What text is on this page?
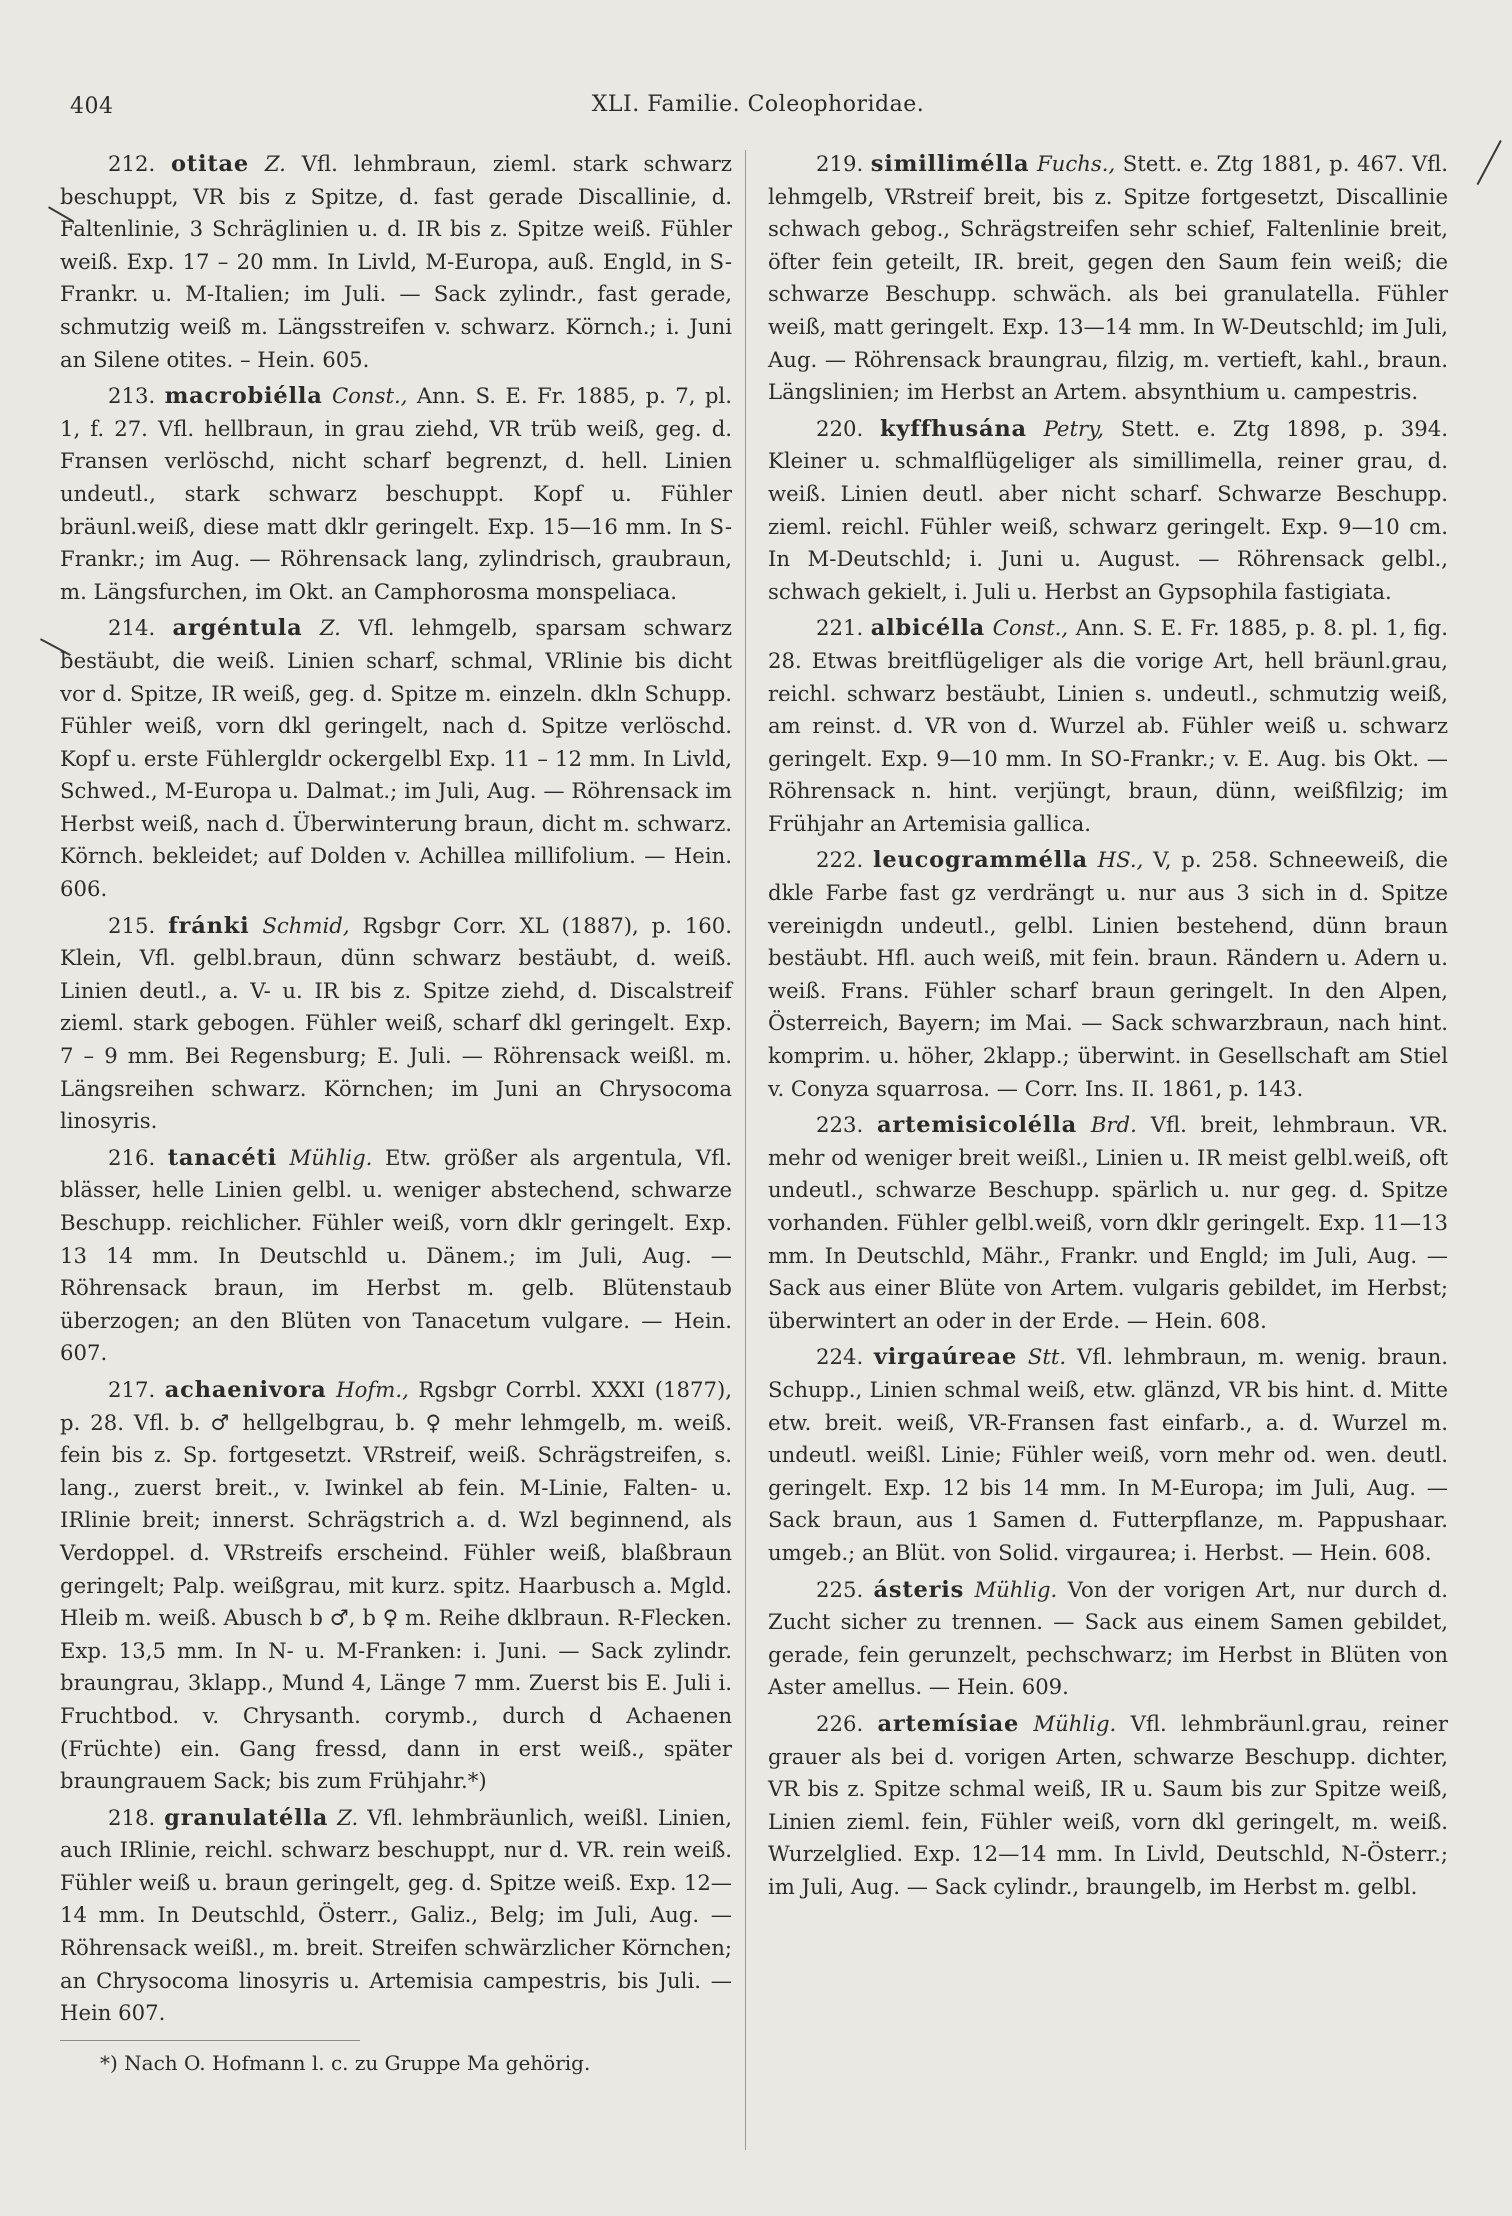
404	XLI. Familie. Coleophoridae.

212. otitae Z. Vfl. lehmbraun, zieml. stark schwarz beschuppt, VR bis z Spitze, d. fast gerade Discallinie, d. Faltenlinie, 3 Schräglinien u. d. IR bis z. Spitze weiß. Fühler weiß. Exp. 17 – 20 mm. In Livld, M-Europa, auß. Engld, in S-Frankr. u. M-Italien; im Juli. — Sack zylindr., fast gerade, schmutzig weiß m. Längsstreifen v. schwarz. Körnch.; i. Juni an Silene otites. – Hein. 605.

213. macrobiélla Const., Ann. S. E. Fr. 1885, p. 7, pl. 1, f. 27. Vfl. hellbraun, in grau ziehd, VR trüb weiß, geg. d. Fransen verlöschd, nicht scharf begrenzt, d. hell. Linien undeutl., stark schwarz beschuppt. Kopf u. Fühler bräunl.weiß, diese matt dklr geringelt. Exp. 15—16 mm. In S-Frankr.; im Aug. — Röhrensack lang, zylindrisch, graubraun, m. Längsfurchen, im Okt. an Camphorosma monspeliaca.

214. argéntula Z. Vfl. lehmgelb, sparsam schwarz bestäubt, die weiß. Linien scharf, schmal, VRlinie bis dicht vor d. Spitze, IR weiß, geg. d. Spitze m. einzeln. dkln Schupp. Fühler weiß, vorn dkl geringelt, nach d. Spitze verlöschd. Kopf u. erste Fühlergldr ockergelbl Exp. 11 – 12 mm. In Livld, Schwed., M-Europa u. Dalmat.; im Juli, Aug. — Röhrensack im Herbst weiß, nach d. Überwinterung braun, dicht m. schwarz. Körnch. bekleidet; auf Dolden v. Achillea millifolium. — Hein. 606.

215. fránki Schmid, Rgsbgr Corr. XL (1887), p. 160. Klein, Vfl. gelbl.braun, dünn schwarz bestäubt, d. weiß. Linien deutl., a. V- u. IR bis z. Spitze ziehd, d. Discalstreif zieml. stark gebogen. Fühler weiß, scharf dkl geringelt. Exp. 7 – 9 mm. Bei Regensburg; E. Juli. — Röhrensack weißl. m. Längsreihen schwarz. Körnchen; im Juni an Chrysocoma linosyris.

216. tanacéti Mühlig. Etw. größer als argentula, Vfl. blässer, helle Linien gelbl. u. weniger abstechend, schwarze Beschupp. reichlicher. Fühler weiß, vorn dklr geringelt. Exp. 13 14 mm. In Deutschld u. Dänem.; im Juli, Aug. — Röhrensack braun, im Herbst m. gelb. Blütenstaub überzogen; an den Blüten von Tanacetum vulgare. — Hein. 607.

217. achaenivora Hofm., Rgsbgr Corrbl. XXXI (1877), p. 28. Vfl. b. ♂ hellgelbgrau, b. ♀ mehr lehmgelb, m. weiß. fein bis z. Sp. fortgesetzt. VRstreif, weiß. Schrägstreifen, s. lang., zuerst breit., v. Iwinkel ab fein. M-Linie, Falten- u. IRlinie breit; innerst. Schrägstrich a. d. Wzl beginnend, als Verdoppel. d. VRstreifs erscheind. Fühler weiß, blaßbraun geringelt; Palp. weißgrau, mit kurz. spitz. Haarbusch a. Mgld. Hleib m. weiß. Abusch b ♂, b ♀ m. Reihe dklbraun. R-Flecken. Exp. 13,5 mm. In N- u. M-Franken: i. Juni. — Sack zylindr. braungrau, 3klapp., Mund 4, Länge 7 mm. Zuerst bis E. Juli i. Fruchtbod. v. Chrysanth. corymb., durch d Achaenen (Früchte) ein. Gang fressd, dann in erst weiß., später braungrauem Sack; bis zum Frühjahr.*)

218. granulatélla Z. Vfl. lehmbräunlich, weißl. Linien, auch IRlinie, reichl. schwarz beschuppt, nur d. VR. rein weiß. Fühler weiß u. braun geringelt, geg. d. Spitze weiß. Exp. 12—14 mm. In Deutschld, Österr., Galiz., Belg; im Juli, Aug. — Röhrensack weißl., m. breit. Streifen schwärzlicher Körnchen; an Chrysocoma linosyris u. Artemisia campestris, bis Juli. — Hein 607.

*) Nach O. Hofmann l. c. zu Gruppe Ma gehörig.

219. simillimélla Fuchs., Stett. e. Ztg 1881, p. 467. Vfl. lehmgelb, VRstreif breit, bis z. Spitze fortgesetzt, Discallinie schwach gebog., Schrägstreifen sehr schief, Faltenlinie breit, öfter fein geteilt, IR. breit, gegen den Saum fein weiß; die schwarze Beschupp. schwäch. als bei granulatella. Fühler weiß, matt geringelt. Exp. 13—14 mm. In W-Deutschld; im Juli, Aug. — Röhrensack braungrau, filzig, m. vertieft, kahl., braun. Längslinien; im Herbst an Artem. absynthium u. campestris.

220. kyffhusána Petry, Stett. e. Ztg 1898, p. 394. Kleiner u. schmalflügeliger als simillimella, reiner grau, d. weiß. Linien deutl. aber nicht scharf. Schwarze Beschupp. zieml. reichl. Fühler weiß, schwarz geringelt. Exp. 9—10 cm. In M-Deutschld; i. Juni u. August. — Röhrensack gelbl., schwach gekielt, i. Juli u. Herbst an Gypsophila fastigiata.

221. albicélla Const., Ann. S. E. Fr. 1885, p. 8. pl. 1, fig. 28. Etwas breitflügeliger als die vorige Art, hell bräunl.grau, reichl. schwarz bestäubt, Linien s. undeutl., schmutzig weiß, am reinst. d. VR von d. Wurzel ab. Fühler weiß u. schwarz geringelt. Exp. 9—10 mm. In SO-Frankr.; v. E. Aug. bis Okt. — Röhrensack n. hint. verjüngt, braun, dünn, weißfilzig; im Frühjahr an Artemisia gallica.

222. leucogrammélla HS., V, p. 258. Schneeweiß, die dkle Farbe fast gz verdrängt u. nur aus 3 sich in d. Spitze vereinigdn undeutl., gelbl. Linien bestehend, dünn braun bestäubt. Hfl. auch weiß, mit fein. braun. Rändern u. Adern u. weiß. Frans. Fühler scharf braun geringelt. In den Alpen, Österreich, Bayern; im Mai. — Sack schwarzbraun, nach hint. komprim. u. höher, 2klapp.; überwint. in Gesellschaft am Stiel v. Conyza squarrosa. — Corr. Ins. II. 1861, p. 143.

223. artemisicolélla Brd. Vfl. breit, lehmbraun. VR. mehr od weniger breit weißl., Linien u. IR meist gelbl.weiß, oft undeutl., schwarze Beschupp. spärlich u. nur geg. d. Spitze vorhanden. Fühler gelbl.weiß, vorn dklr geringelt. Exp. 11—13 mm. In Deutschld, Mähr., Frankr. und Engld; im Juli, Aug. — Sack aus einer Blüte von Artem. vulgaris gebildet, im Herbst; überwintert an oder in der Erde. — Hein. 608.

224. virgaúreae Stt. Vfl. lehmbraun, m. wenig. braun. Schupp., Linien schmal weiß, etw. glänzd, VR bis hint. d. Mitte etw. breit. weiß, VR-Fransen fast einfarb., a. d. Wurzel m. undeutl. weißl. Linie; Fühler weiß, vorn mehr od. wen. deutl. geringelt. Exp. 12 bis 14 mm. In M-Europa; im Juli, Aug. — Sack braun, aus 1 Samen d. Futterpflanze, m. Pappushaar. umgeb.; an Blüt. von Solid. virgaurea; i. Herbst. — Hein. 608.

225. ásteris Mühlig. Von der vorigen Art, nur durch d. Zucht sicher zu trennen. — Sack aus einem Samen gebildet, gerade, fein gerunzelt, pechschwarz; im Herbst in Blüten von Aster amellus. — Hein. 609.

226. artemísiae Mühlig. Vfl. lehmbräunl.grau, reiner grauer als bei d. vorigen Arten, schwarze Beschupp. dichter, VR bis z. Spitze schmal weiß, IR u. Saum bis zur Spitze weiß, Linien zieml. fein, Fühler weiß, vorn dkl geringelt, m. weiß. Wurzelglied. Exp. 12—14 mm. In Livld, Deutschld, N-Österr.; im Juli, Aug. — Sack cylindr., braungelb, im Herbst m. gelbl.
